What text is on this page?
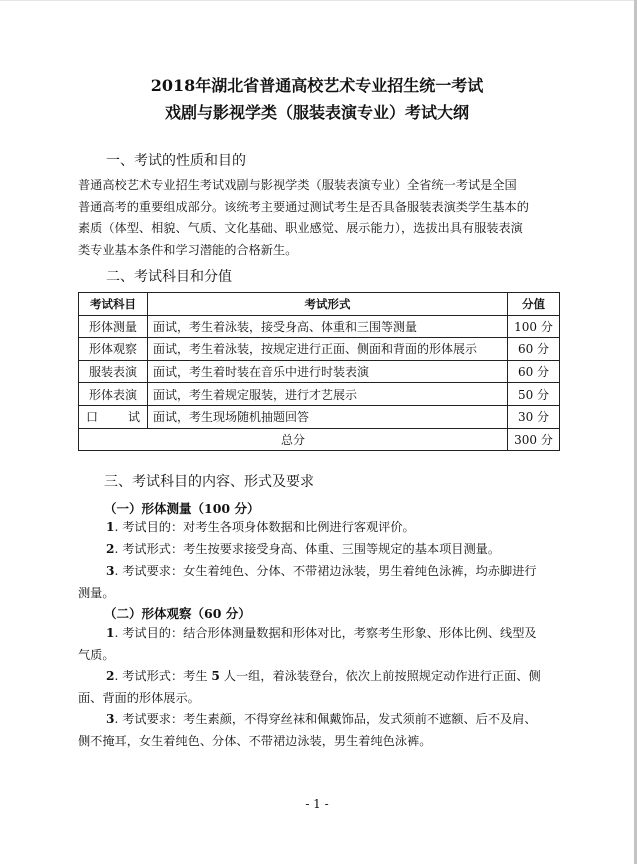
2018年湖北省普通高校艺术专业招生统一考试
戏剧与影视学类（服装表演专业）考试大纲
一、考试的性质和目的
普通高校艺术专业招生考试戏剧与影视学类（服装表演专业）全省统一考试是全国
普通高考的重要组成部分。该统考主要通过测试考生是否具备服装表演类学生基本的
素质（体型、相貌、气质、文化基础、职业感觉、展示能力），选拔出具有服装表演
类专业基本条件和学习潜能的合格新生。
二、考试科目和分值
考试科目	考试形式	分值
形体测量	面试，考生着泳装，接受身高、体重和三围等测量	100 分
形体观察	面试，考生着泳装，按规定进行正面、侧面和背面的形体展示	60 分
服装表演	面试，考生着时装在音乐中进行时装表演	60 分
形体表演	面试，考生着规定服装，进行才艺展示	50 分

口 试	面试，考生现场随机抽题回答	30 分
总分		300 分
三、考试科目的内容、形式及要求
（一）形体测量（100 分）
1. 考试目的：对考生各项身体数据和比例进行客观评价。
2. 考试形式：考生按要求接受身高、体重、三围等规定的基本项目测量。
3. 考试要求：女生着纯色、分体、不带裙边泳装，男生着纯色泳裤，均赤脚进行
测量。
（二）形体观察（60 分）
1. 考试目的：结合形体测量数据和形体对比，考察考生形象、形体比例、线型及
气质。
2. 考试形式：考生 5 人一组，着泳装登台，依次上前按照规定动作进行正面、侧
面、背面的形体展示。
3. 考试要求：考生素颜，不得穿丝袜和佩戴饰品，发式须前不遮额、后不及肩、
侧不掩耳，女生着纯色、分体、不带裙边泳装，男生着纯色泳裤。
- 1 -
